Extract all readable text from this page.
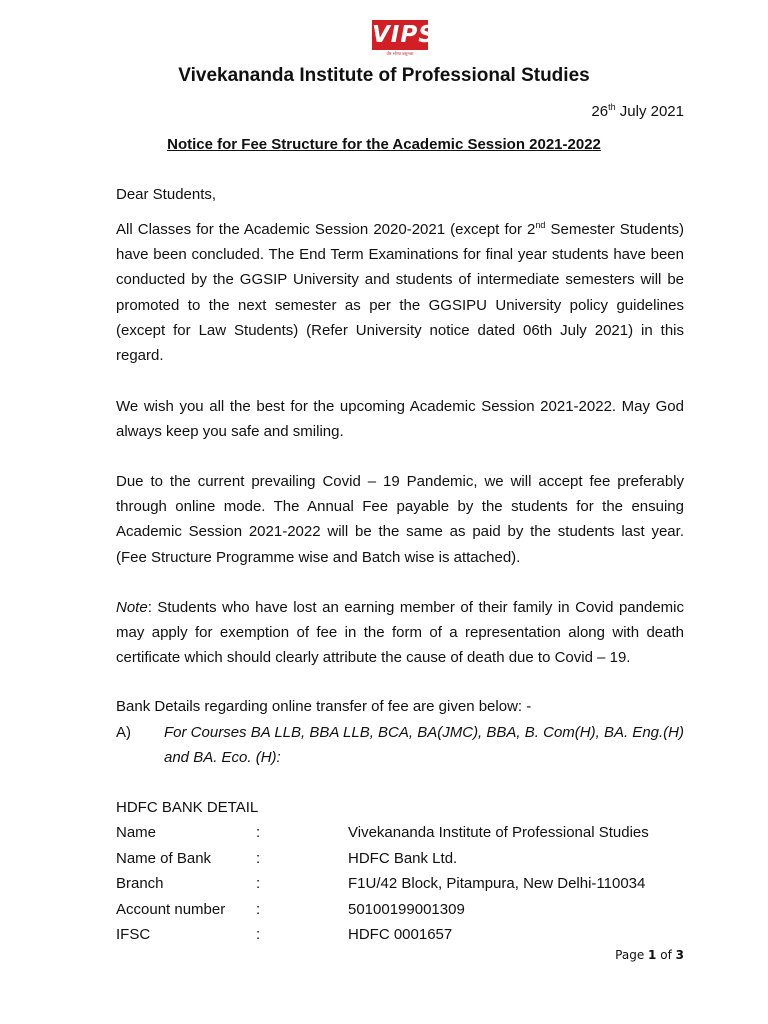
VIPS
वीर भोग्या वसुन्धरा
Vivekananda Institute of Professional Studies
26th July 2021
Notice for Fee Structure for the Academic Session 2021-2022
Dear Students,
All Classes for the Academic Session 2020-2021 (except for 2nd Semester Students) have been concluded. The End Term Examinations for final year students have been conducted by the GGSIP University and students of intermediate semesters will be promoted to the next semester as per the GGSIPU University policy guidelines (except for Law Students) (Refer University notice dated 06th July 2021) in this regard.
We wish you all the best for the upcoming Academic Session 2021-2022. May God always keep you safe and smiling.
Due to the current prevailing Covid – 19 Pandemic, we will accept fee preferably through online mode. The Annual Fee payable by the students for the ensuing Academic Session 2021-2022 will be the same as paid by the students last year. (Fee Structure Programme wise and Batch wise is attached).
Note: Students who have lost an earning member of their family in Covid pandemic may apply for exemption of fee in the form of a representation along with death certificate which should clearly attribute the cause of death due to Covid – 19.
Bank Details regarding online transfer of fee are given below: -
A) For Courses BA LLB, BBA LLB, BCA, BA(JMC), BBA, B. Com(H), BA. Eng.(H) and BA. Eco. (H):
HDFC BANK DETAIL
Name	:	Vivekananda Institute of Professional Studies
Name of Bank	:	HDFC Bank Ltd.
Branch	:	F1U/42 Block, Pitampura, New Delhi-110034
Account number :	50100199001309
IFSC	:	HDFC 0001657
Page 1 of 3
